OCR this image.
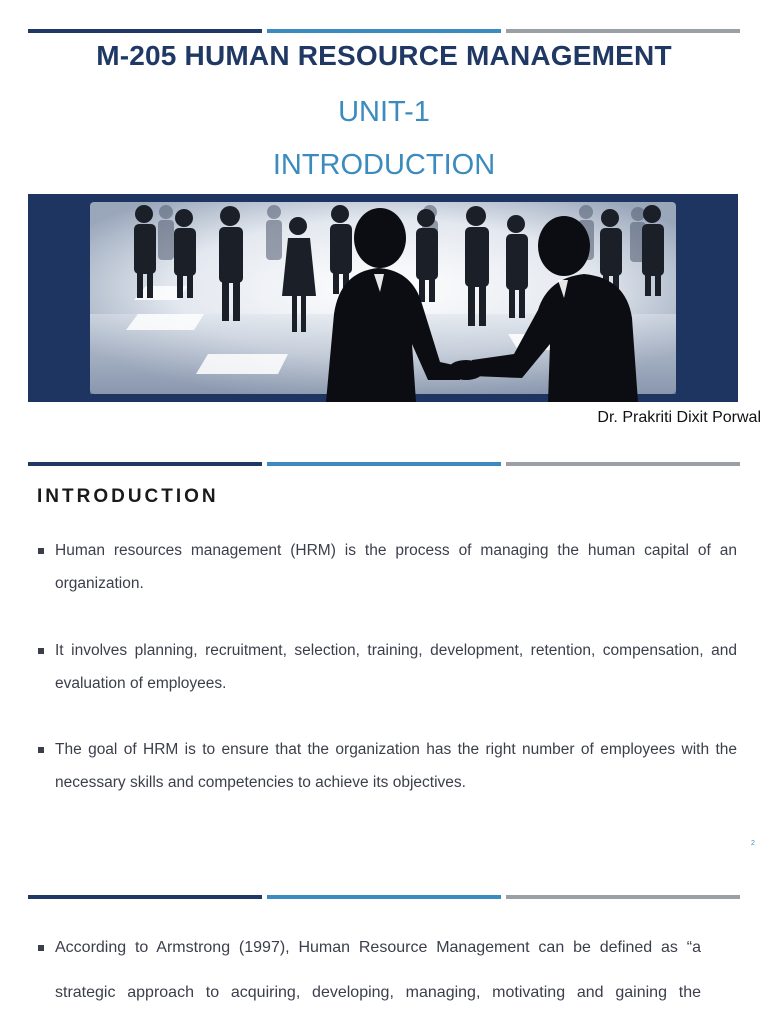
M-205 HUMAN RESOURCE MANAGEMENT
UNIT-1
INTRODUCTION
Dr. Prakriti Dixit Porwal
INTRODUCTION
Human resources management (HRM) is the process of managing the human capital of an organization.
It involves planning, recruitment, selection, training, development, retention, compensation, and evaluation of employees.
The goal of HRM is to ensure that the organization has the right number of employees with the necessary skills and competencies to achieve its objectives.
2
According to Armstrong (1997), Human Resource Management can be defined as “a strategic approach to acquiring, developing, managing, motivating and gaining the
